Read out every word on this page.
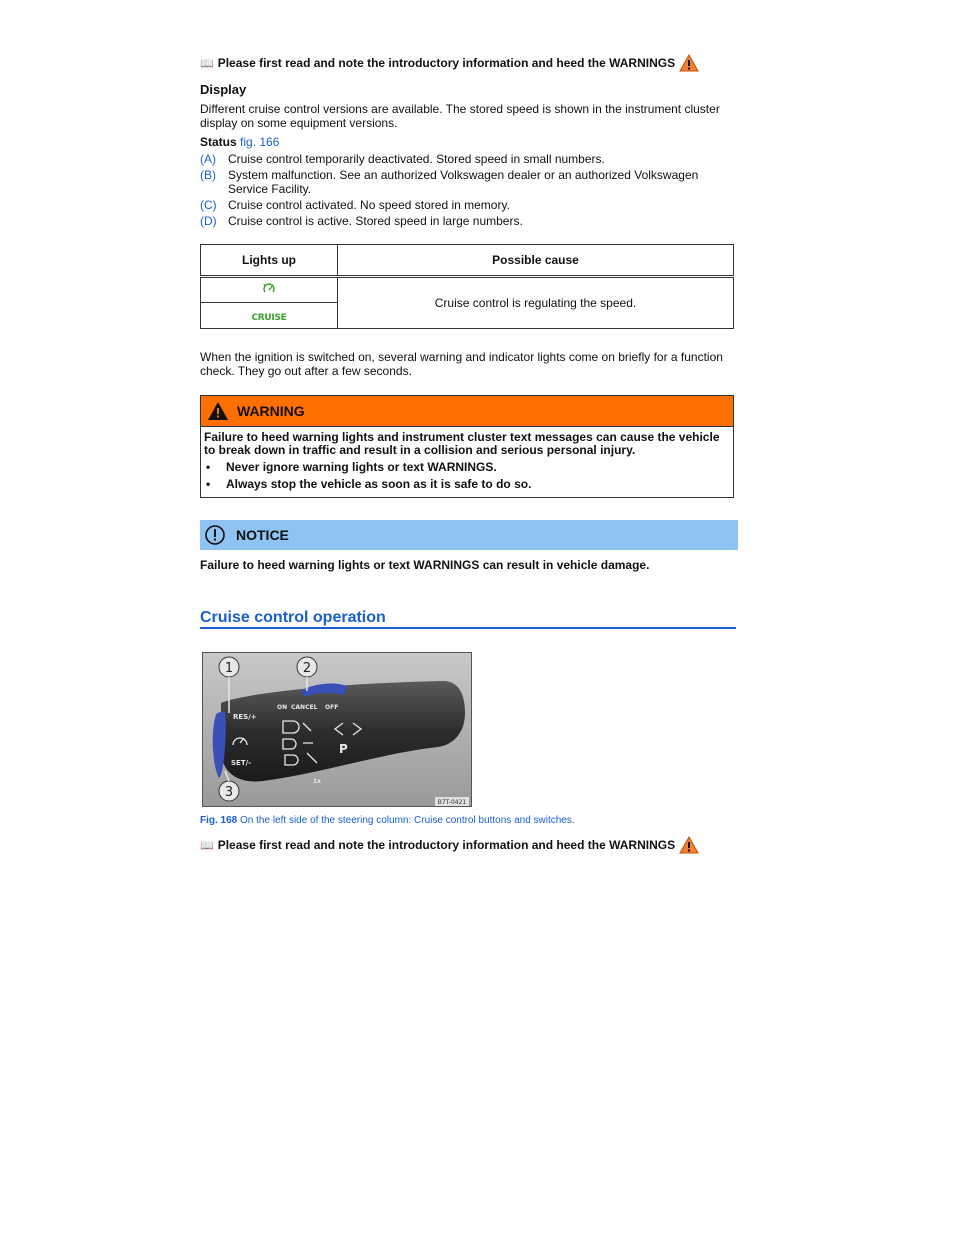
📖 Please first read and note the introductory information and heed the WARNINGS
Display
Different cruise control versions are available. The stored speed is shown in the instrument cluster display on some equipment versions.
Status fig. 166
(A)	Cruise control temporarily deactivated. Stored speed in small numbers.
(B)	System malfunction. See an authorized Volkswagen dealer or an authorized Volkswagen Service Facility.
(C) Cruise control activated. No speed stored in memory.
(D) Cruise control is active. Stored speed in large numbers.
Lights up	Possible cause
	Cruise control is regulating the speed.
CRUISE	
When the ignition is switched on, several warning and indicator lights come on briefly for a function check. They go out after a few seconds.
WARNING
Failure to heed warning lights and instrument cluster text messages can cause the vehicle to break down in traffic and result in a collision and serious personal injury.
•	Never ignore warning lights or text WARNINGS.
•	Always stop the vehicle as soon as it is safe to do so.
NOTICE
Failure to heed warning lights or text WARNINGS can result in vehicle damage.
Cruise control operation
RES/+
SET/-
ON CANCEL OFF
1x
P
1	2
3
B7T-0421
Fig. 168 On the left side of the steering column: Cruise control buttons and switches.
📖 Please first read and note the introductory information and heed the WARNINGS
